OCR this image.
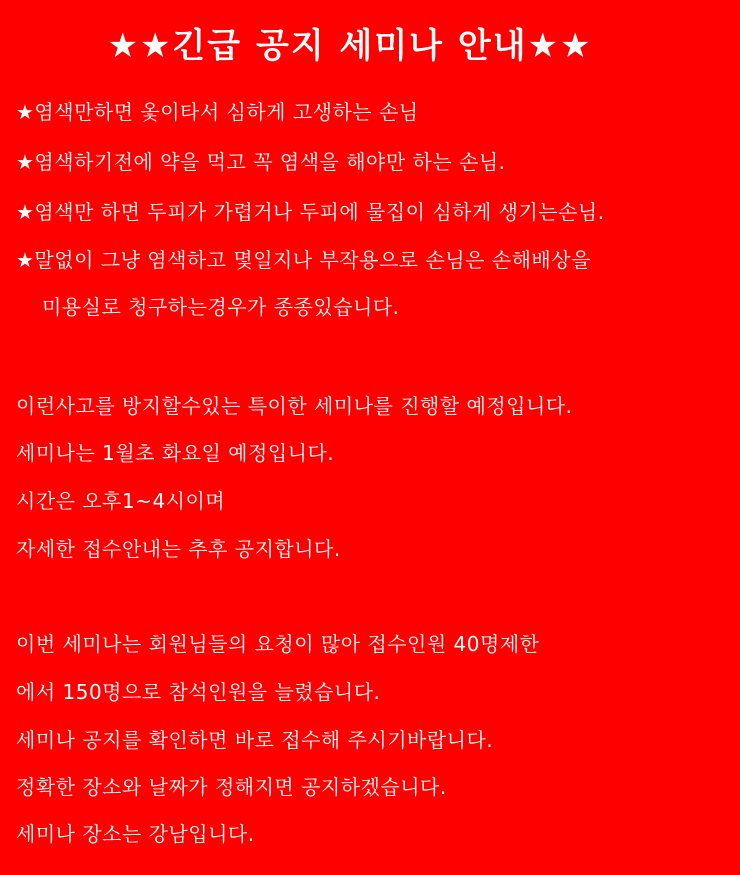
★★긴급 공지 세미나 안내★★
★염색만하면 옻이타서 심하게 고생하는 손님
★염색하기전에 약을 먹고 꼭 염색을 해야만 하는 손님.
★염색만 하면 두피가 가렵거나 두피에 물집이 심하게 생기는손님.
★말없이 그냥 염색하고 몇일지나 부작용으로 손님은 손해배상을
미용실로 청구하는경우가 종종있습니다.
이런사고를 방지할수있는 특이한 세미나를 진행할 예정입니다.
세미나는 1월초 화요일 예정입니다.
시간은 오후1~4시이며
자세한 접수안내는 추후 공지합니다.
이번 세미나는 회원님들의 요청이 많아 접수인원 40명제한
에서 150명으로 참석인원을 늘렸습니다.
세미나 공지를 확인하면 바로 접수해 주시기바랍니다.
정확한 장소와 날짜가 정해지면 공지하겠습니다.
세미나 장소는 강남입니다.
